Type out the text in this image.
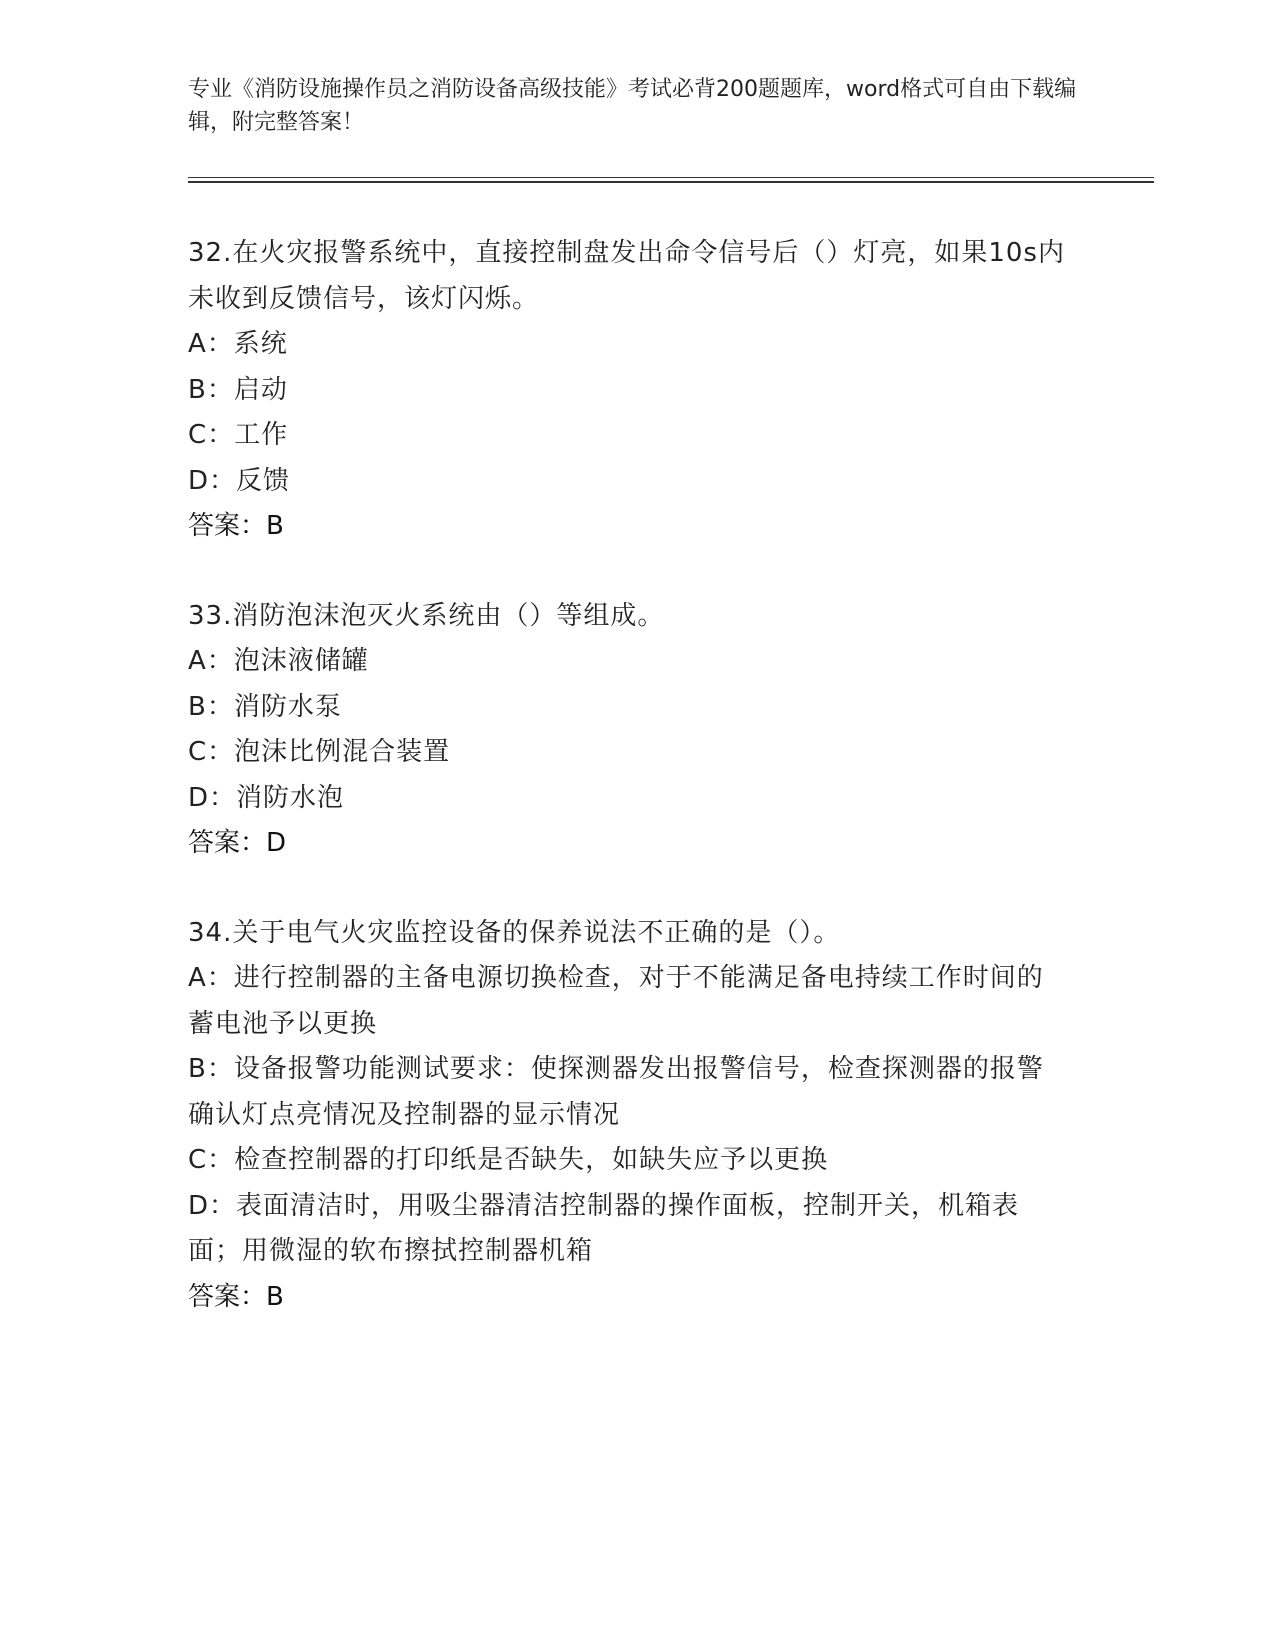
专业《消防设施操作员之消防设备高级技能》考试必背200题题库，word格式可自由下载编辑，附完整答案！
32.在火灾报警系统中，直接控制盘发出命令信号后（）灯亮，如果10s内未收到反馈信号，该灯闪烁。
A：系统
B：启动
C：工作
D：反馈
答案：B
33.消防泡沫泡灭火系统由（）等组成。
A：泡沫液储罐
B：消防水泵
C：泡沫比例混合装置
D：消防水泡
答案：D
34.关于电气火灾监控设备的保养说法不正确的是（）。
A：进行控制器的主备电源切换检查，对于不能满足备电持续工作时间的蓄电池予以更换
B：设备报警功能测试要求：使探测器发出报警信号，检查探测器的报警确认灯点亮情况及控制器的显示情况
C：检查控制器的打印纸是否缺失，如缺失应予以更换
D：表面清洁时，用吸尘器清洁控制器的操作面板，控制开关，机箱表面；用微湿的软布擦拭控制器机箱
答案：B
